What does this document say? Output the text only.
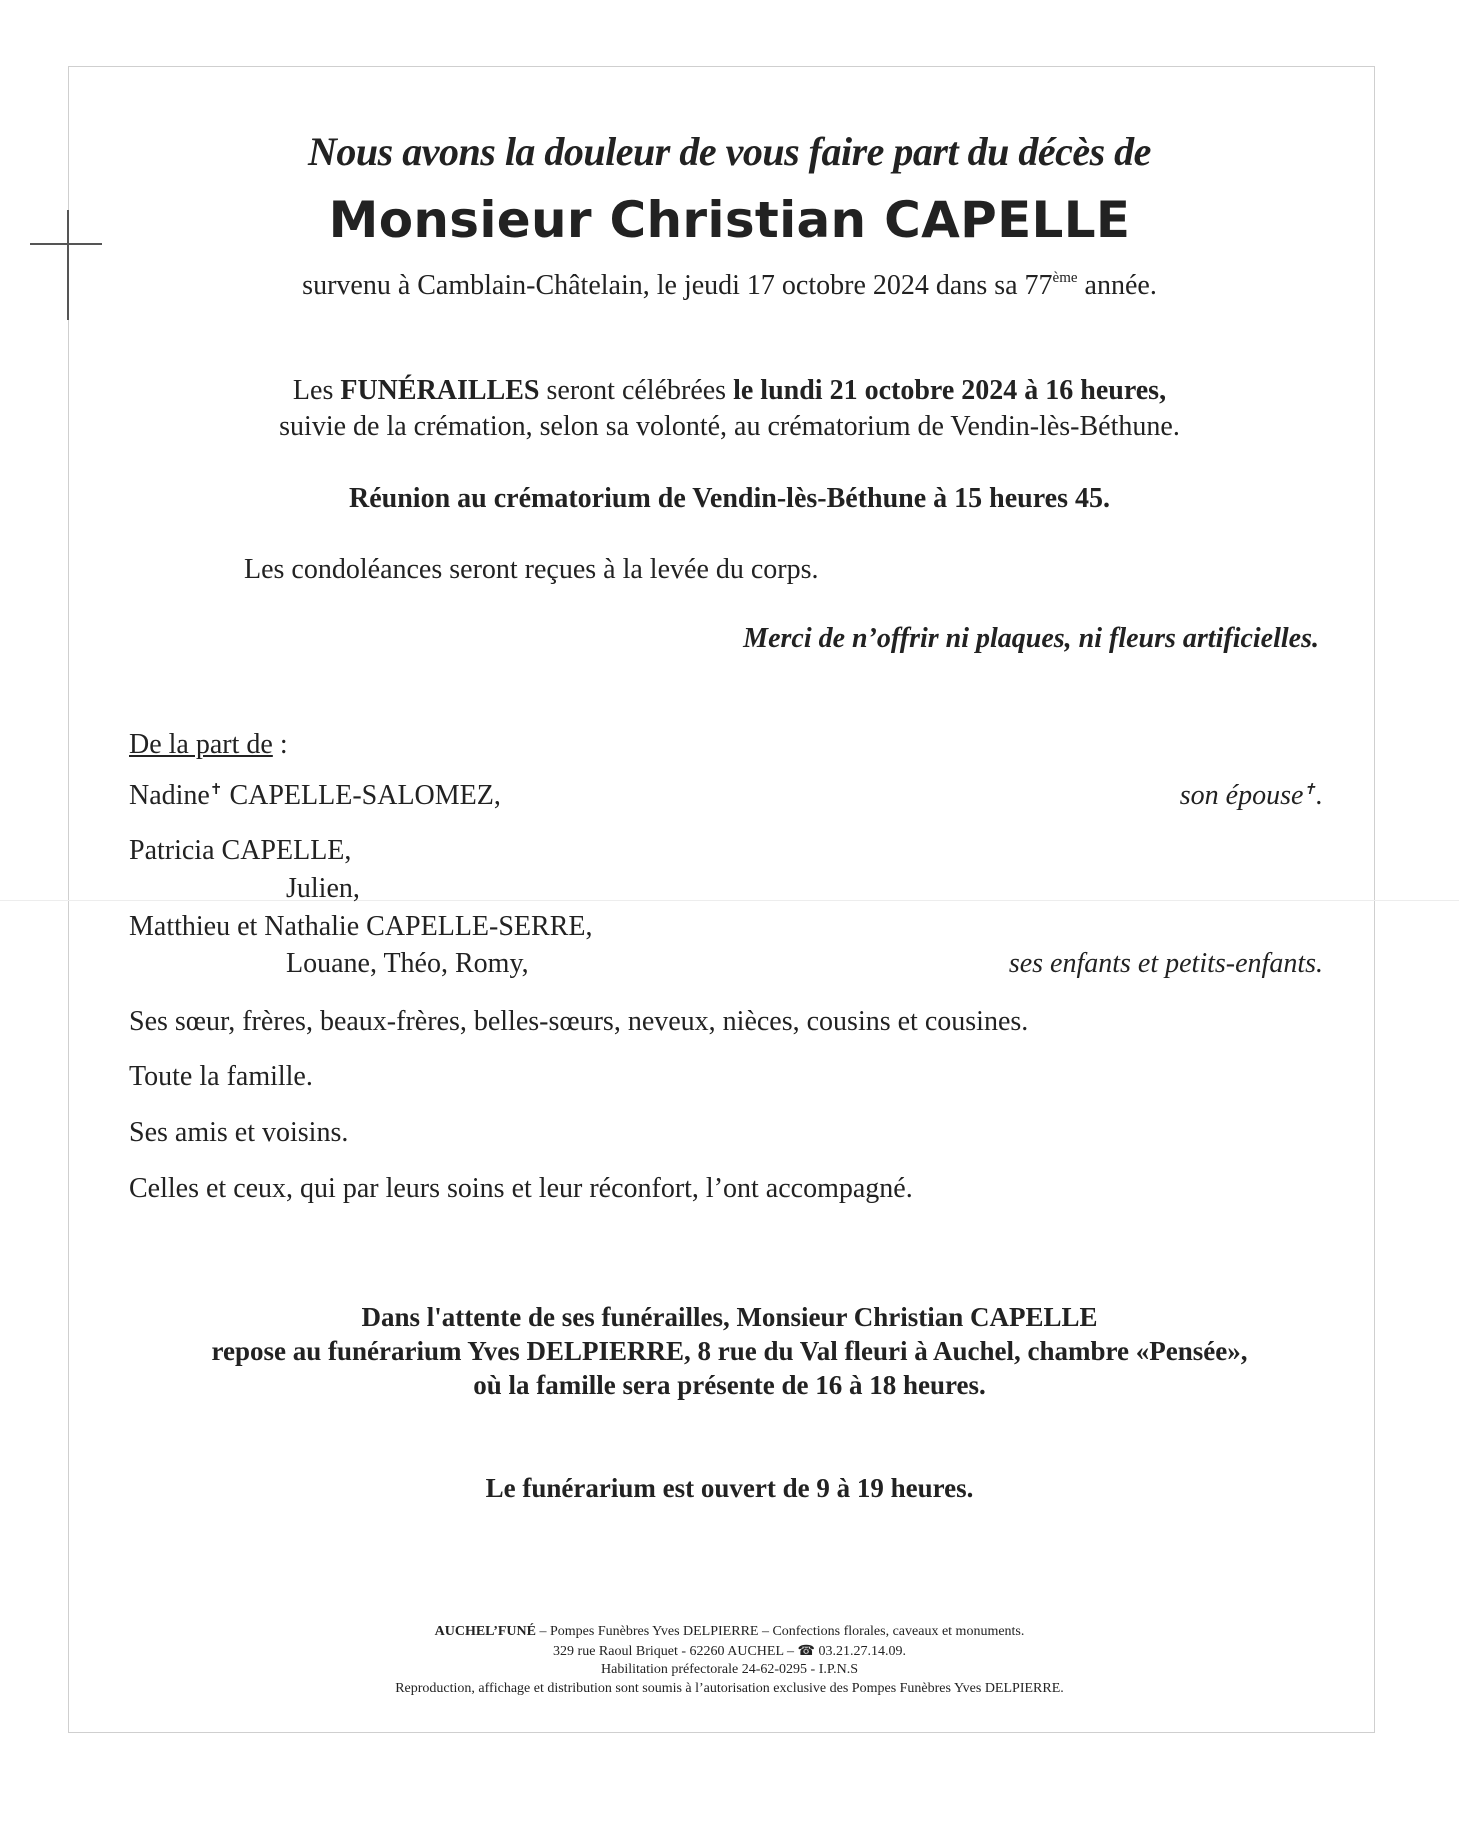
Nous avons la douleur de vous faire part du décès de
Monsieur Christian CAPELLE
survenu à Camblain-Châtelain, le jeudi 17 octobre 2024 dans sa 77ème année.
Les FUNÉRAILLES seront célébrées le lundi 21 octobre 2024 à 16 heures,
suivie de la crémation, selon sa volonté, au crématorium de Vendin-lès-Béthune.
Réunion au crématorium de Vendin-lès-Béthune à 15 heures 45.
Les condoléances seront reçues à la levée du corps.
Merci de n’offrir ni plaques, ni fleurs artificielles.
De la part de :
Nadine✝ CAPELLE-SALOMEZ,	son épouse✝.
Patricia CAPELLE,
Julien,
Matthieu et Nathalie CAPELLE-SERRE,
Louane, Théo, Romy,	ses enfants et petits-enfants.
Ses sœur, frères, beaux-frères, belles-sœurs, neveux, nièces, cousins et cousines.
Toute la famille.
Ses amis et voisins.
Celles et ceux, qui par leurs soins et leur réconfort, l’ont accompagné.
Dans l'attente de ses funérailles, Monsieur Christian CAPELLE
repose au funérarium Yves DELPIERRE, 8 rue du Val fleuri à Auchel, chambre «Pensée»,
où la famille sera présente de 16 à 18 heures.
Le funérarium est ouvert de 9 à 19 heures.
AUCHEL’FUNÉ – Pompes Funèbres Yves DELPIERRE – Confections florales, caveaux et monuments.
329 rue Raoul Briquet - 62260 AUCHEL – ☎ 03.21.27.14.09.
Habilitation préfectorale 24-62-0295 - I.P.N.S
Reproduction, affichage et distribution sont soumis à l’autorisation exclusive des Pompes Funèbres Yves DELPIERRE.
